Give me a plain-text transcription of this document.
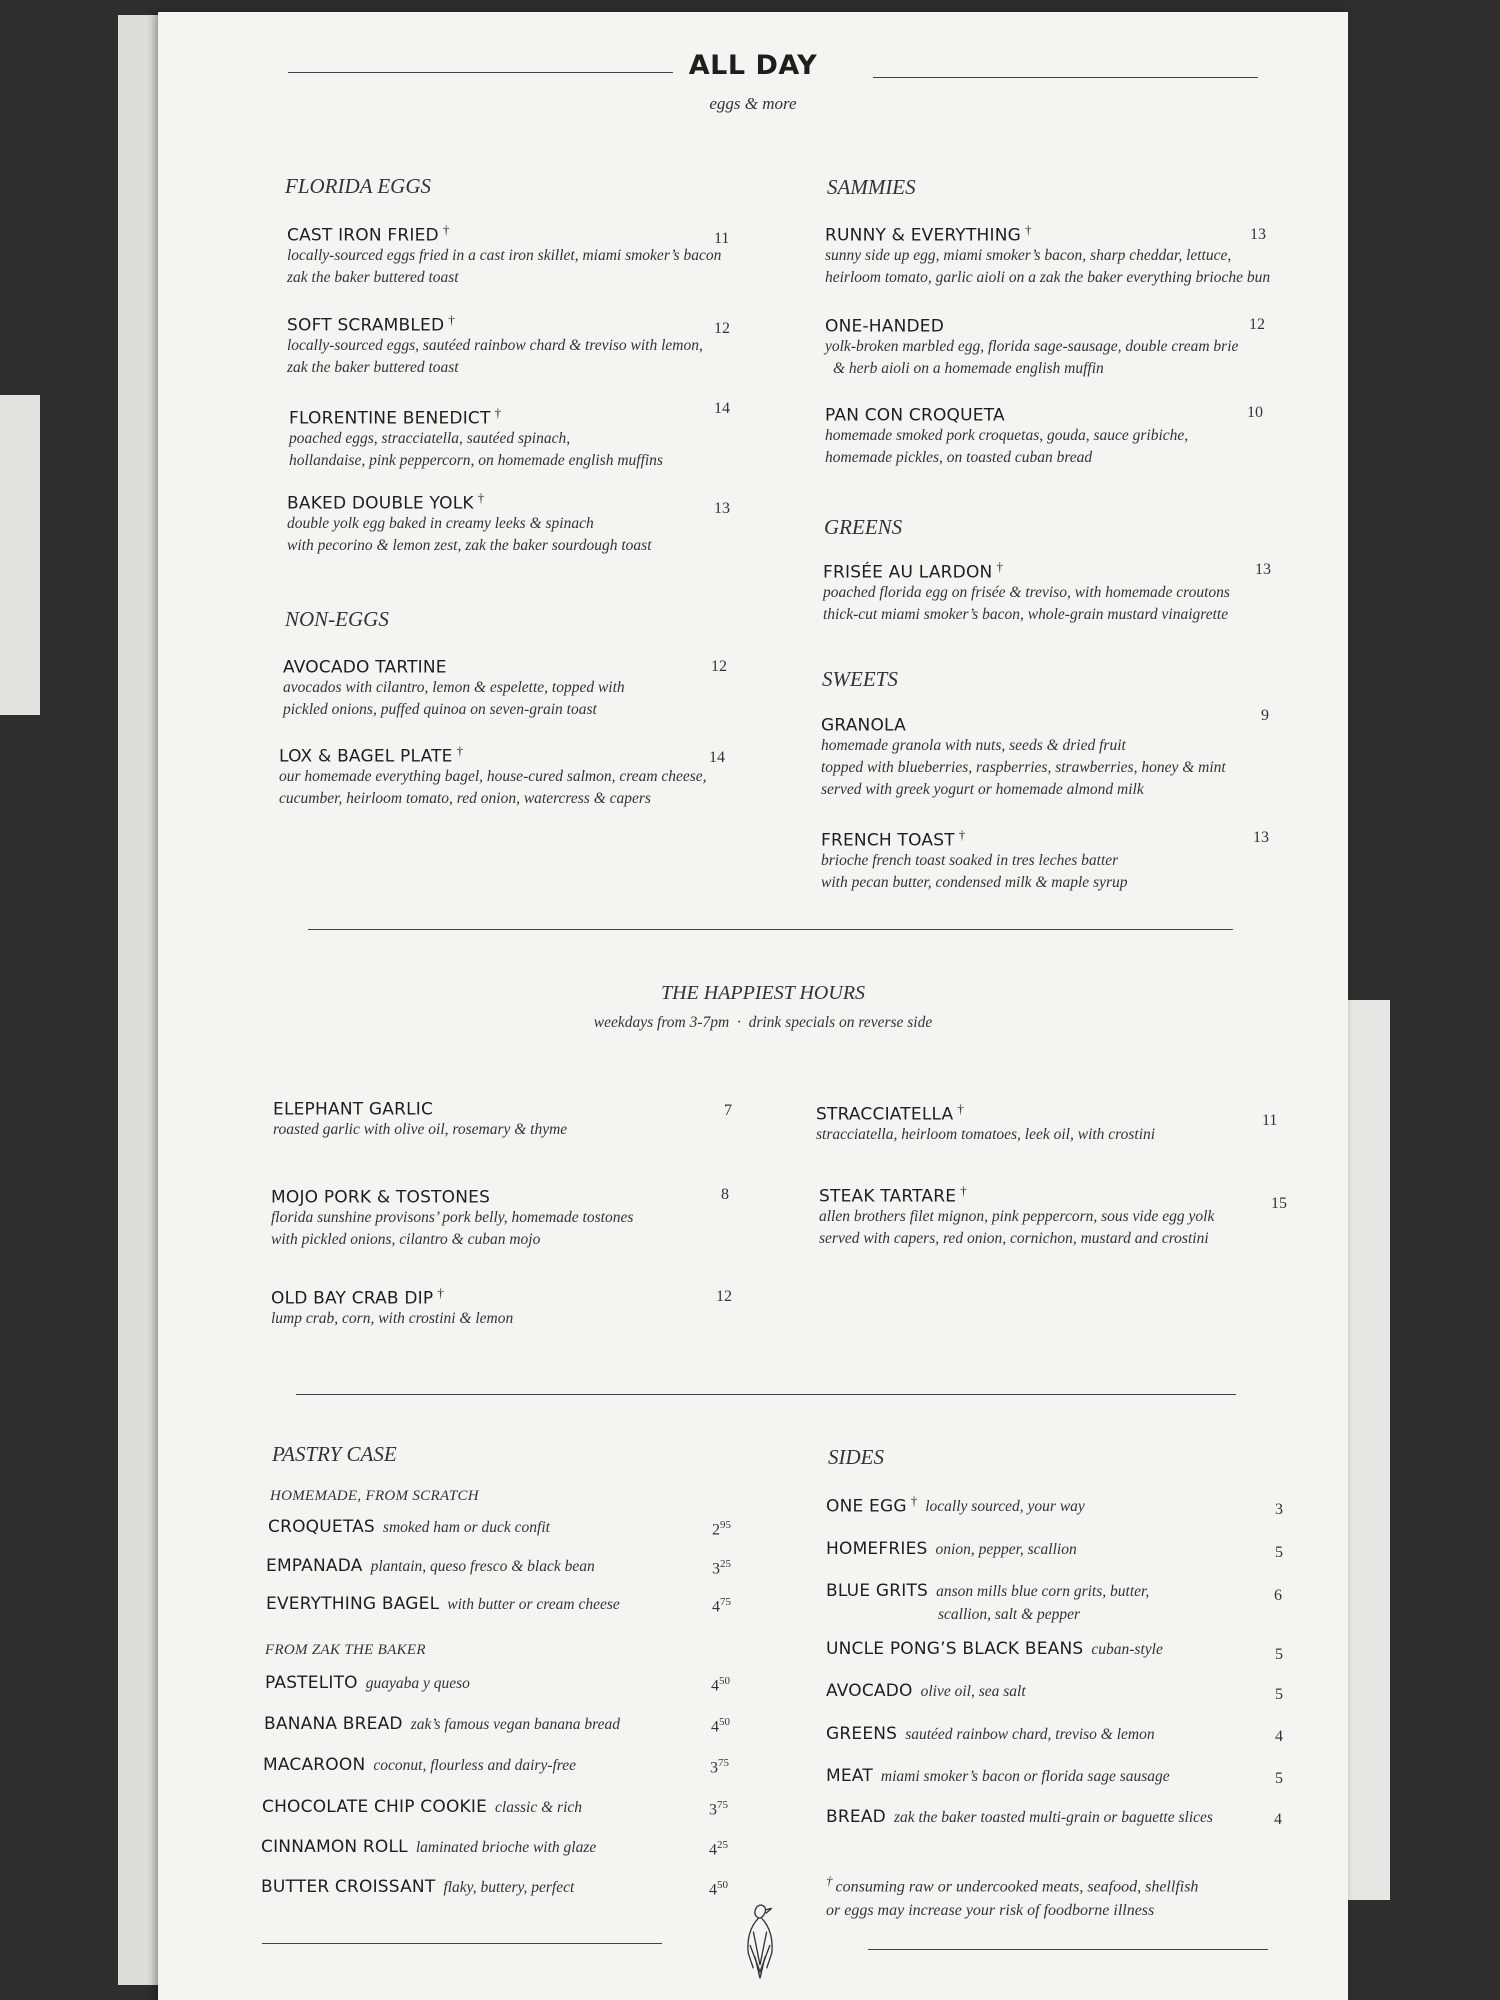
ALL DAY
eggs & more
FLORIDA EGGS
CAST IRON FRIED †
locally-sourced eggs fried in a cast iron skillet, miami smoker’s bacon
zak the baker buttered toast
11
SOFT SCRAMBLED †
locally-sourced eggs, sautéed rainbow chard & treviso with lemon,
zak the baker buttered toast
12
FLORENTINE BENEDICT †
poached eggs, stracciatella, sautéed spinach,
hollandaise, pink peppercorn, on homemade english muffins
14
BAKED DOUBLE YOLK †
double yolk egg baked in creamy leeks & spinach
with pecorino & lemon zest, zak the baker sourdough toast
13
NON-EGGS
AVOCADO TARTINE
avocados with cilantro, lemon & espelette, topped with
pickled onions, puffed quinoa on seven-grain toast
12
LOX & BAGEL PLATE †
our homemade everything bagel, house-cured salmon, cream cheese,
cucumber, heirloom tomato, red onion, watercress & capers
14
SAMMIES
RUNNY & EVERYTHING †
sunny side up egg, miami smoker’s bacon, sharp cheddar, lettuce,
heirloom tomato, garlic aioli on a zak the baker everything brioche bun
13
ONE-HANDED
yolk-broken marbled egg, florida sage-sausage, double cream brie
& herb aioli on a homemade english muffin
12
PAN CON CROQUETA
homemade smoked pork croquetas, gouda, sauce gribiche,
homemade pickles, on toasted cuban bread
10
GREENS
FRISÉE AU LARDON †
poached florida egg on frisée & treviso, with homemade croutons
thick-cut miami smoker’s bacon, whole-grain mustard vinaigrette
13
SWEETS
GRANOLA
homemade granola with nuts, seeds & dried fruit
topped with blueberries, raspberries, strawberries, honey & mint
served with greek yogurt or homemade almond milk
9
FRENCH TOAST †
brioche french toast soaked in tres leches batter
with pecan butter, condensed milk & maple syrup
13
THE HAPPIEST HOURS
weekdays from 3-7pm  ·  drink specials on reverse side
ELEPHANT GARLIC
roasted garlic with olive oil, rosemary & thyme
7
MOJO PORK & TOSTONES
florida sunshine provisons’ pork belly, homemade tostones
with pickled onions, cilantro & cuban mojo
8
OLD BAY CRAB DIP †
lump crab, corn, with crostini & lemon
12
STRACCIATELLA †
stracciatella, heirloom tomatoes, leek oil, with crostini
11
STEAK TARTARE †
allen brothers filet mignon, pink peppercorn, sous vide egg yolk
served with capers, red onion, cornichon, mustard and crostini
15
PASTRY CASE
HOMEMADE, FROM SCRATCH
CROQUETAS smoked ham or duck confit	$2^{95}$
EMPANADA plantain, queso fresco & black bean	$3^{25}$
EVERYTHING BAGEL with butter or cream cheese	$4^{75}$
FROM ZAK THE BAKER
PASTELITO guayaba y queso	$4^{50}$
BANANA BREAD zak’s famous vegan banana bread	$4^{50}$
MACAROON coconut, flourless and dairy-free	$3^{75}$
CHOCOLATE CHIP COOKIE classic & rich	$3^{75}$
CINNAMON ROLL laminated brioche with glaze	$4^{25}$
BUTTER CROISSANT flaky, buttery, perfect	$4^{50}$
SIDES
ONE EGG † locally sourced, your way	3
HOMEFRIES onion, pepper, scallion	5
BLUE GRITS anson mills blue corn grits, butter,
scallion, salt & pepper
6
UNCLE PONG’S BLACK BEANS cuban-style	5
AVOCADO olive oil, sea salt	5
GREENS sautéed rainbow chard, treviso & lemon	4
MEAT miami smoker’s bacon or florida sage sausage	5
BREAD zak the baker toasted multi-grain or baguette slices	4
† consuming raw or undercooked meats, seafood, shellfish
or eggs may increase your risk of foodborne illness
